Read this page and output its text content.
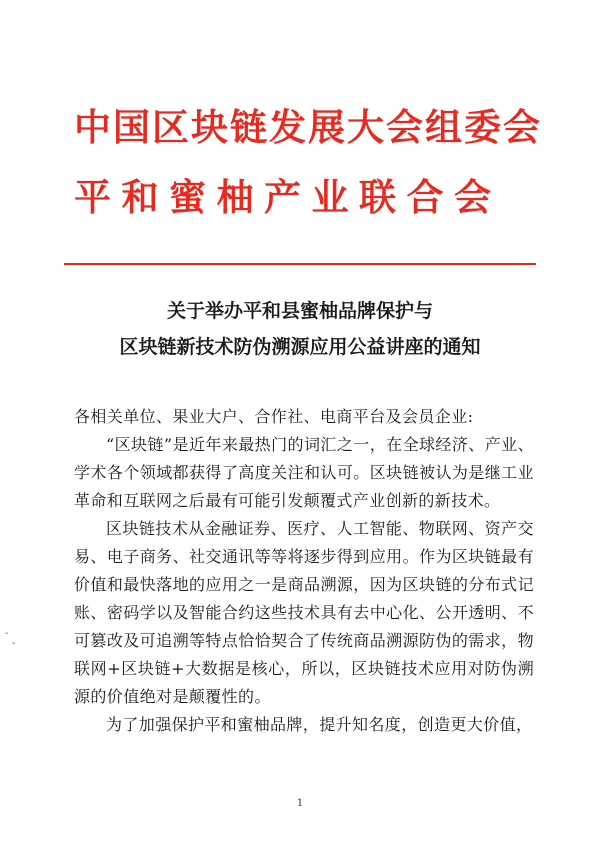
中国区块链发展大会组委会
平和蜜柚产业联合会
关于举办平和县蜜柚品牌保护与
区块链新技术防伪溯源应用公益讲座的通知

各相关单位、果业大户、合作社、电商平台及会员企业:

“区块链”是近年来最热门的词汇之一，在全球经济、产业、学术各个领域都获得了高度关注和认可。区块链被认为是继工业革命和互联网之后最有可能引发颠覆式产业创新的新技术。

区块链技术从金融证券、医疗、人工智能、物联网、资产交易、电子商务、社交通讯等等将逐步得到应用。作为区块链最有价值和最快落地的应用之一是商品溯源，因为区块链的分布式记账、密码学以及智能合约这些技术具有去中心化、公开透明、不可篡改及可追溯等特点恰恰契合了传统商品溯源防伪的需求，物联网+区块链+大数据是核心，所以，区块链技术应用对防伪溯源的价值绝对是颠覆性的。

为了加强保护平和蜜柚品牌，提升知名度，创造更大价值，

-
-
1
